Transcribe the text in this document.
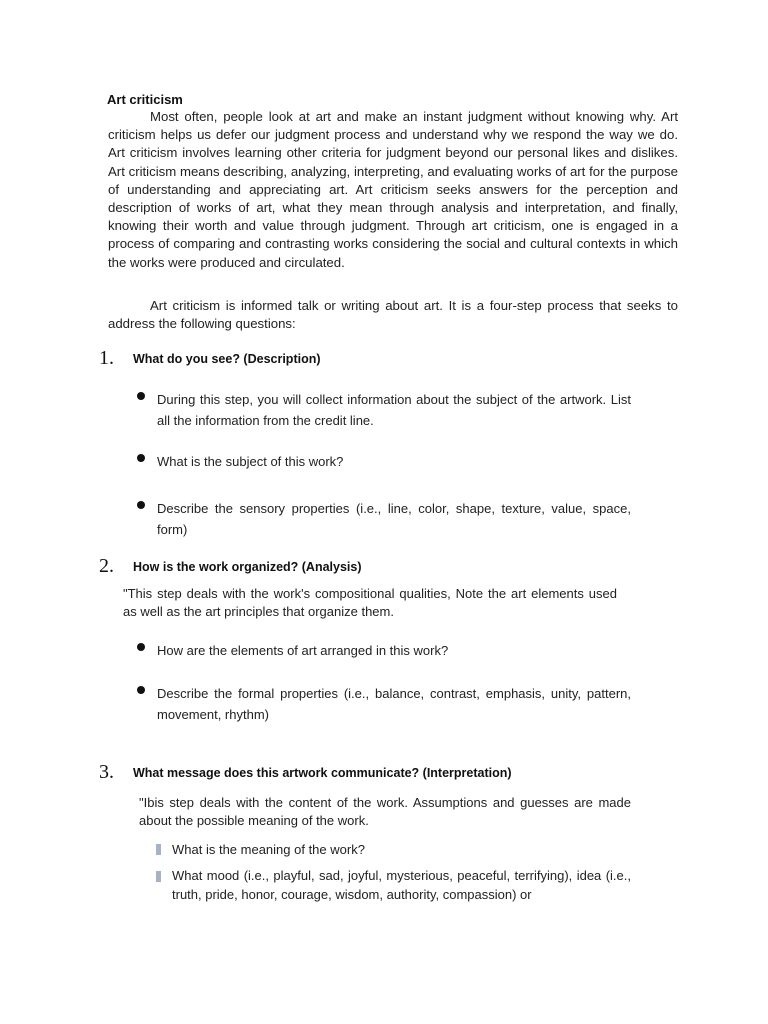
Art criticism

Most often, people look at art and make an instant judgment without knowing why. Art criticism helps us defer our judgment process and understand why we respond the way we do. Art criticism involves learning other criteria for judgment beyond our personal likes and dislikes. Art criticism means describing, analyzing, interpreting, and evaluating works of art for the purpose of understanding and appreciating art. Art criticism seeks answers for the perception and description of works of art, what they mean through analysis and interpretation, and finally, knowing their worth and value through judgment. Through art criticism, one is engaged in a process of comparing and contrasting works considering the social and cultural contexts in which the works were produced and circulated.

Art criticism is informed talk or writing about art. It is a four-step process that seeks to address the following questions:

1. What do you see? (Description)

During this step, you will collect information about the subject of the artwork. List all the information from the credit line.

What is the subject of this work?

Describe the sensory properties (i.e., line, color, shape, texture, value, space, form)

2. How is the work organized? (Analysis)

"This step deals with the work's compositional qualities, Note the art elements used as well as the art principles that organize them.

How are the elements of art arranged in this work?

Describe the formal properties (i.e., balance, contrast, emphasis, unity, pattern, movement, rhythm)

3. What message does this artwork communicate? (Interpretation)

"Ibis step deals with the content of the work. Assumptions and guesses are made about the possible meaning of the work.

What is the meaning of the work?

What mood (i.e., playful, sad, joyful, mysterious, peaceful, terrifying), idea (i.e., truth, pride, honor, courage, wisdom, authority, compassion) or
